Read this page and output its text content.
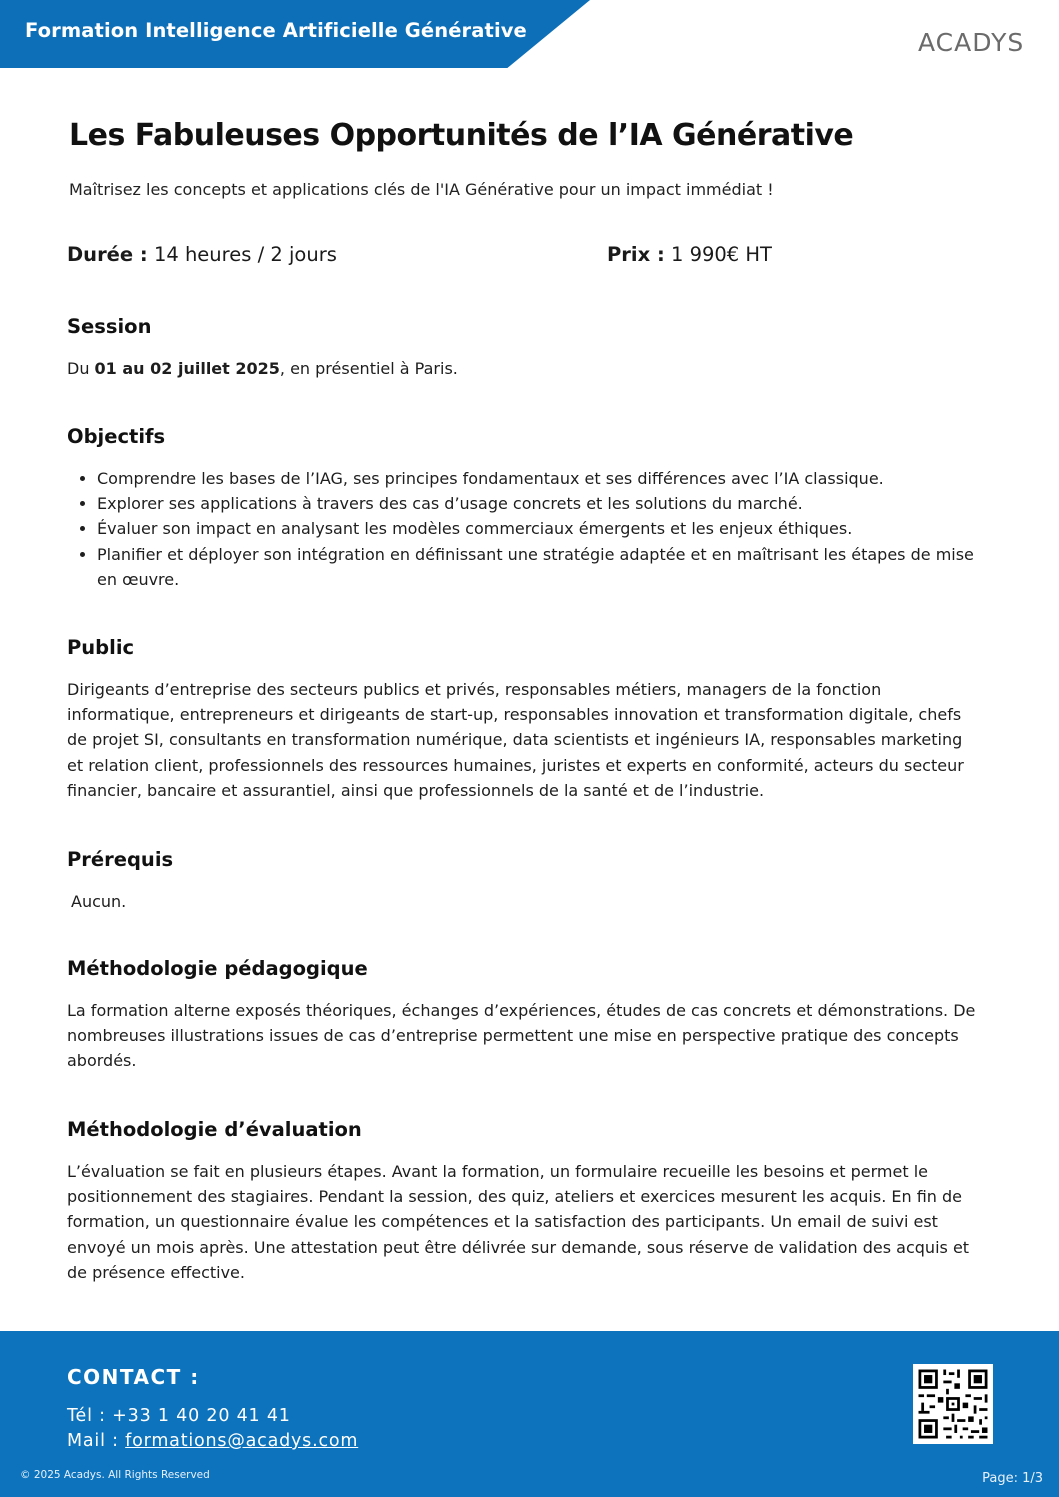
Formation Intelligence Artificielle Générative	ACADYS
Les Fabuleuses Opportunités de l’IA Générative
Maîtrisez les concepts et applications clés de l'IA Générative pour un impact immédiat !
Durée : 14 heures / 2 jours	Prix : 1 990€ HT
Session

Du 01 au 02 juillet 2025, en présentiel à Paris.

Objectifs
• Comprendre les bases de l’IAG, ses principes fondamentaux et ses différences avec l’IA classique.
• Explorer ses applications à travers des cas d’usage concrets et les solutions du marché.
• Évaluer son impact en analysant les modèles commerciaux émergents et les enjeux éthiques.
• Planifier et déployer son intégration en définissant une stratégie adaptée et en maîtrisant les étapes de mise en œuvre.
Public

Dirigeants d’entreprise des secteurs publics et privés, responsables métiers, managers de la fonction informatique, entrepreneurs et dirigeants de start-up, responsables innovation et transformation digitale, chefs de projet SI, consultants en transformation numérique, data scientists et ingénieurs IA, responsables marketing et relation client, professionnels des ressources humaines, juristes et experts en conformité, acteurs du secteur financier, bancaire et assurantiel, ainsi que professionnels de la santé et de l’industrie.

Prérequis

Aucun.

Méthodologie pédagogique

La formation alterne exposés théoriques, échanges d’expériences, études de cas concrets et démonstrations. De nombreuses illustrations issues de cas d’entreprise permettent une mise en perspective pratique des concepts abordés.

Méthodologie d’évaluation

L’évaluation se fait en plusieurs étapes. Avant la formation, un formulaire recueille les besoins et permet le positionnement des stagiaires. Pendant la session, des quiz, ateliers et exercices mesurent les acquis. En fin de formation, un questionnaire évalue les compétences et la satisfaction des participants. Un email de suivi est envoyé un mois après. Une attestation peut être délivrée sur demande, sous réserve de validation des acquis et de présence effective.

CONTACT :
Tél : +33 1 40 20 41 41
Mail : formations@acadys.com
© 2025 Acadys. All Rights Reserved	Page: 1/3
